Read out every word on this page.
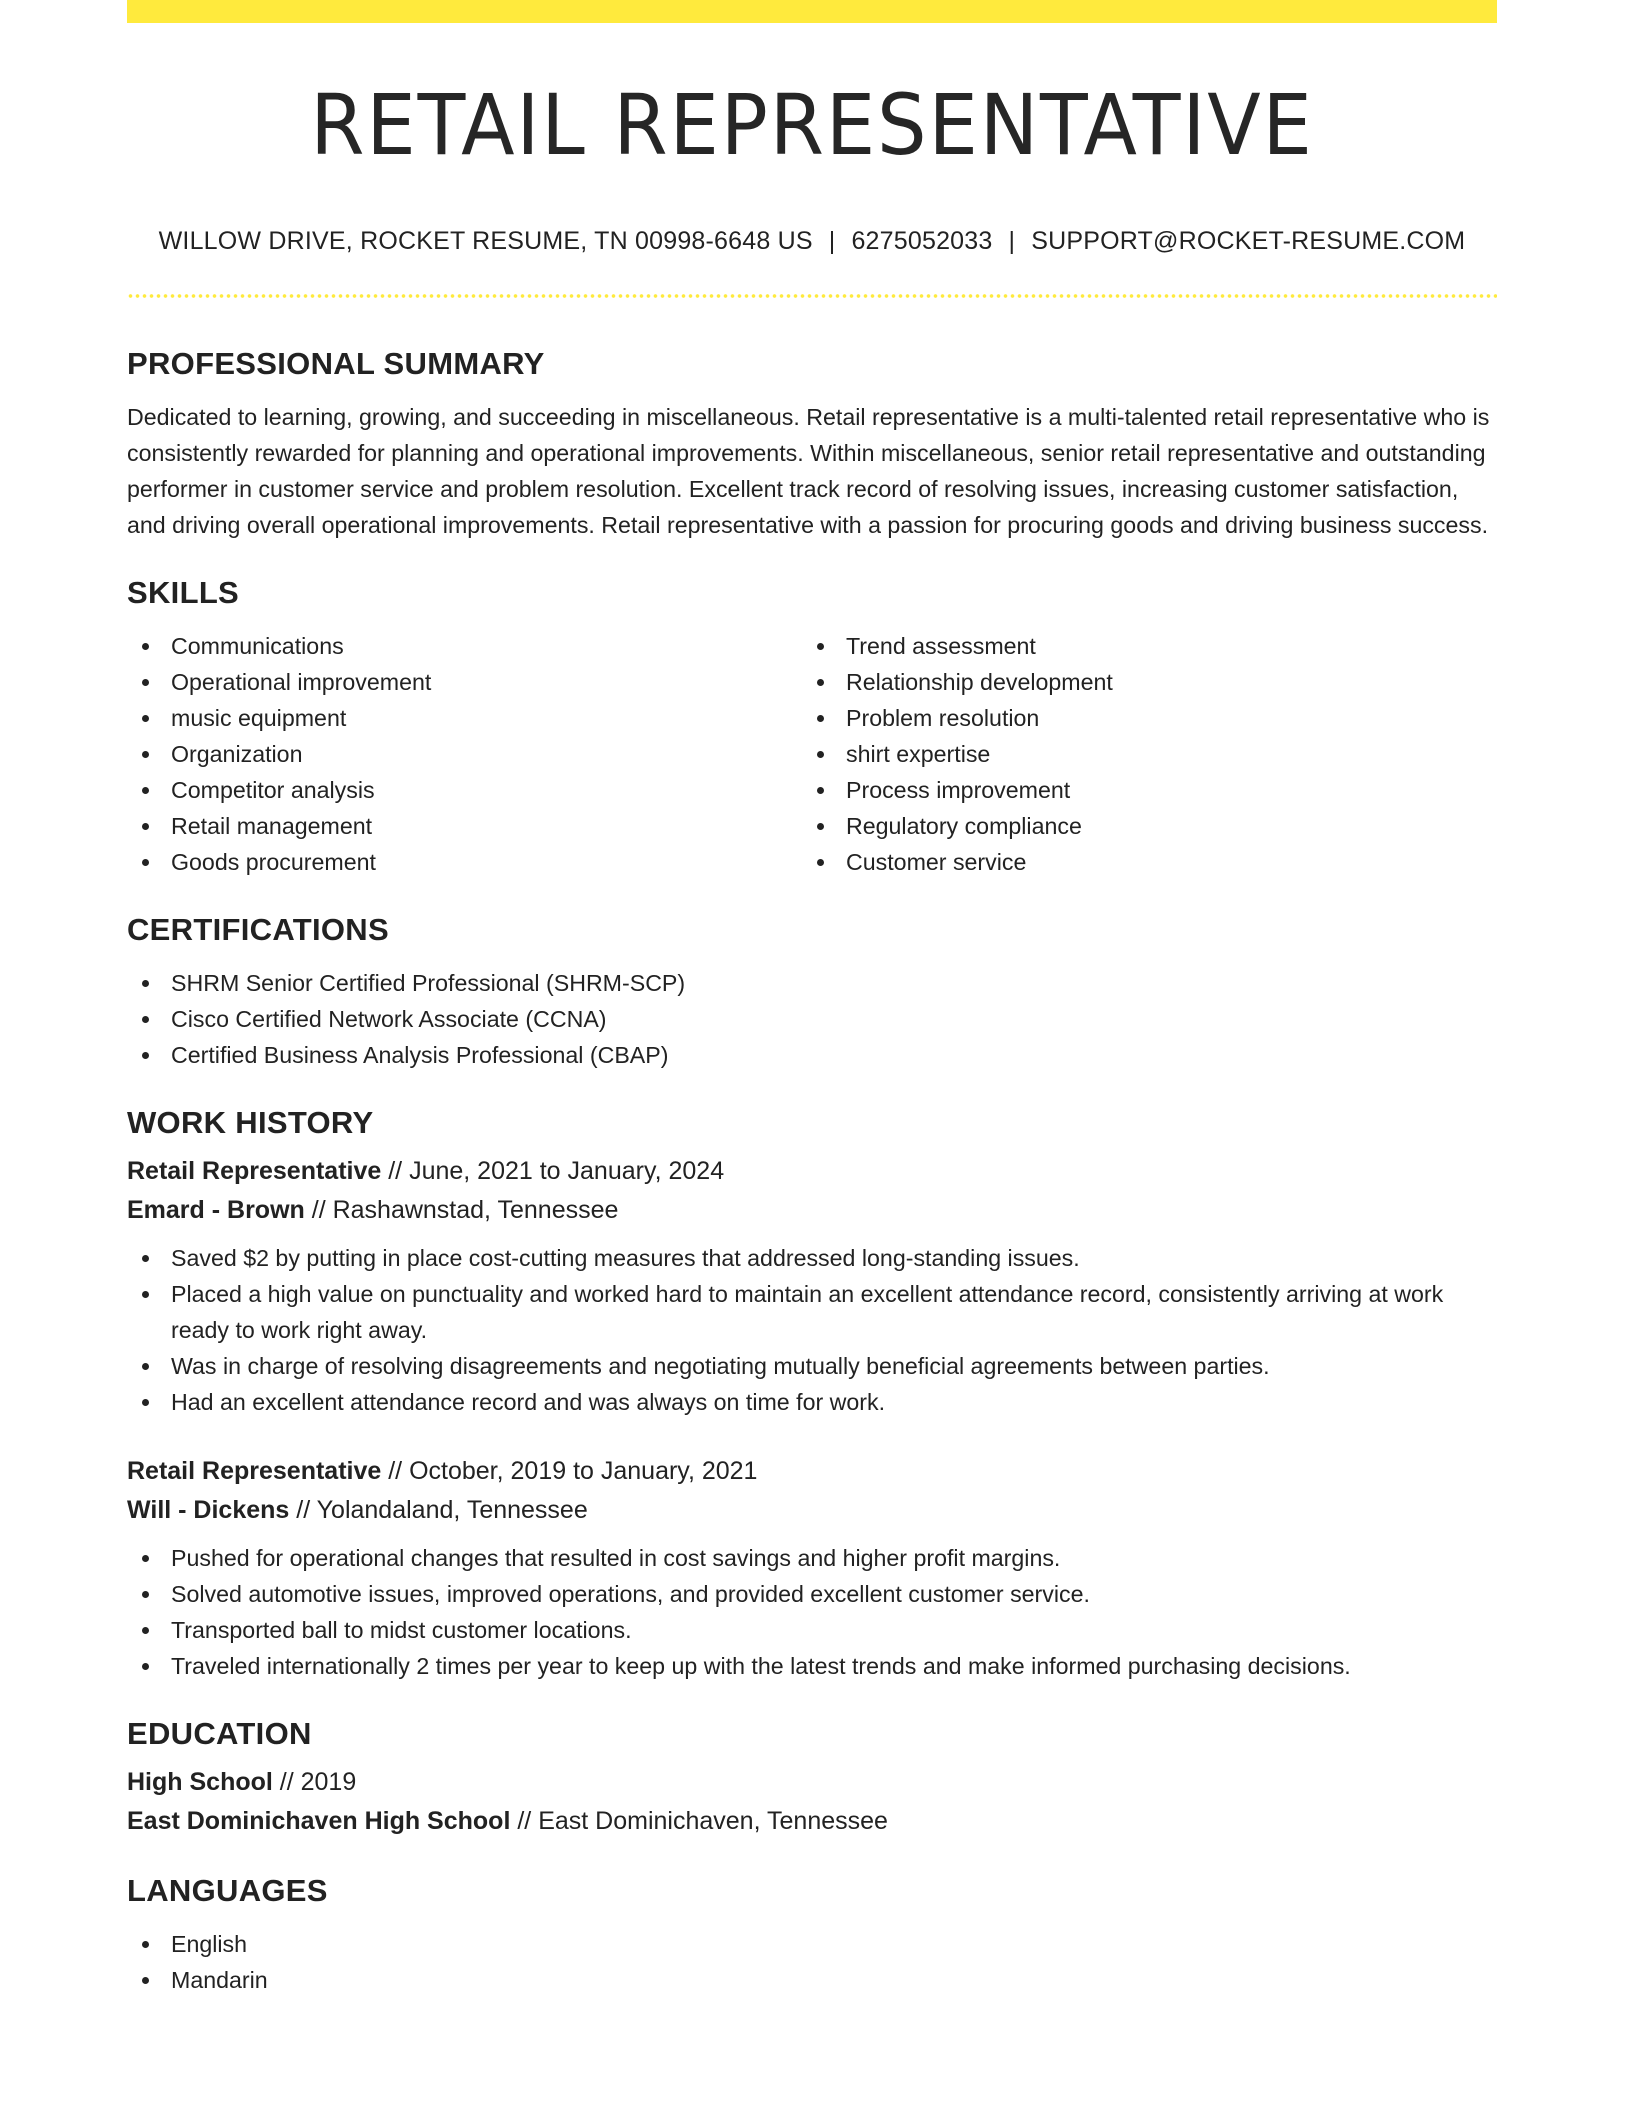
RETAIL REPRESENTATIVE
WILLOW DRIVE, ROCKET RESUME, TN 00998-6648 US | 6275052033 | SUPPORT@ROCKET-RESUME.COM
PROFESSIONAL SUMMARY

Dedicated to learning, growing, and succeeding in miscellaneous. Retail representative is a multi-talented retail representative who is consistently rewarded for planning and operational improvements. Within miscellaneous, senior retail representative and outstanding performer in customer service and problem resolution. Excellent track record of resolving issues, increasing customer satisfaction, and driving overall operational improvements. Retail representative with a passion for procuring goods and driving business success.

SKILLS
Communications
Operational improvement
music equipment
Organization
Competitor analysis
Retail management
Goods procurement
Trend assessment
Relationship development
Problem resolution
shirt expertise
Process improvement
Regulatory compliance
Customer service
CERTIFICATIONS
SHRM Senior Certified Professional (SHRM-SCP)
Cisco Certified Network Associate (CCNA)
Certified Business Analysis Professional (CBAP)
WORK HISTORY
Retail Representative // June, 2021 to January, 2024
Emard - Brown // Rashawnstad, Tennessee
Saved $2 by putting in place cost-cutting measures that addressed long-standing issues.
Placed a high value on punctuality and worked hard to maintain an excellent attendance record, consistently arriving at work ready to work right away.
Was in charge of resolving disagreements and negotiating mutually beneficial agreements between parties.
Had an excellent attendance record and was always on time for work.
Retail Representative // October, 2019 to January, 2021
Will - Dickens // Yolandaland, Tennessee
Pushed for operational changes that resulted in cost savings and higher profit margins.
Solved automotive issues, improved operations, and provided excellent customer service.
Transported ball to midst customer locations.
Traveled internationally 2 times per year to keep up with the latest trends and make informed purchasing decisions.
EDUCATION
High School // 2019
East Dominichaven High School // East Dominichaven, Tennessee
LANGUAGES
English
Mandarin
